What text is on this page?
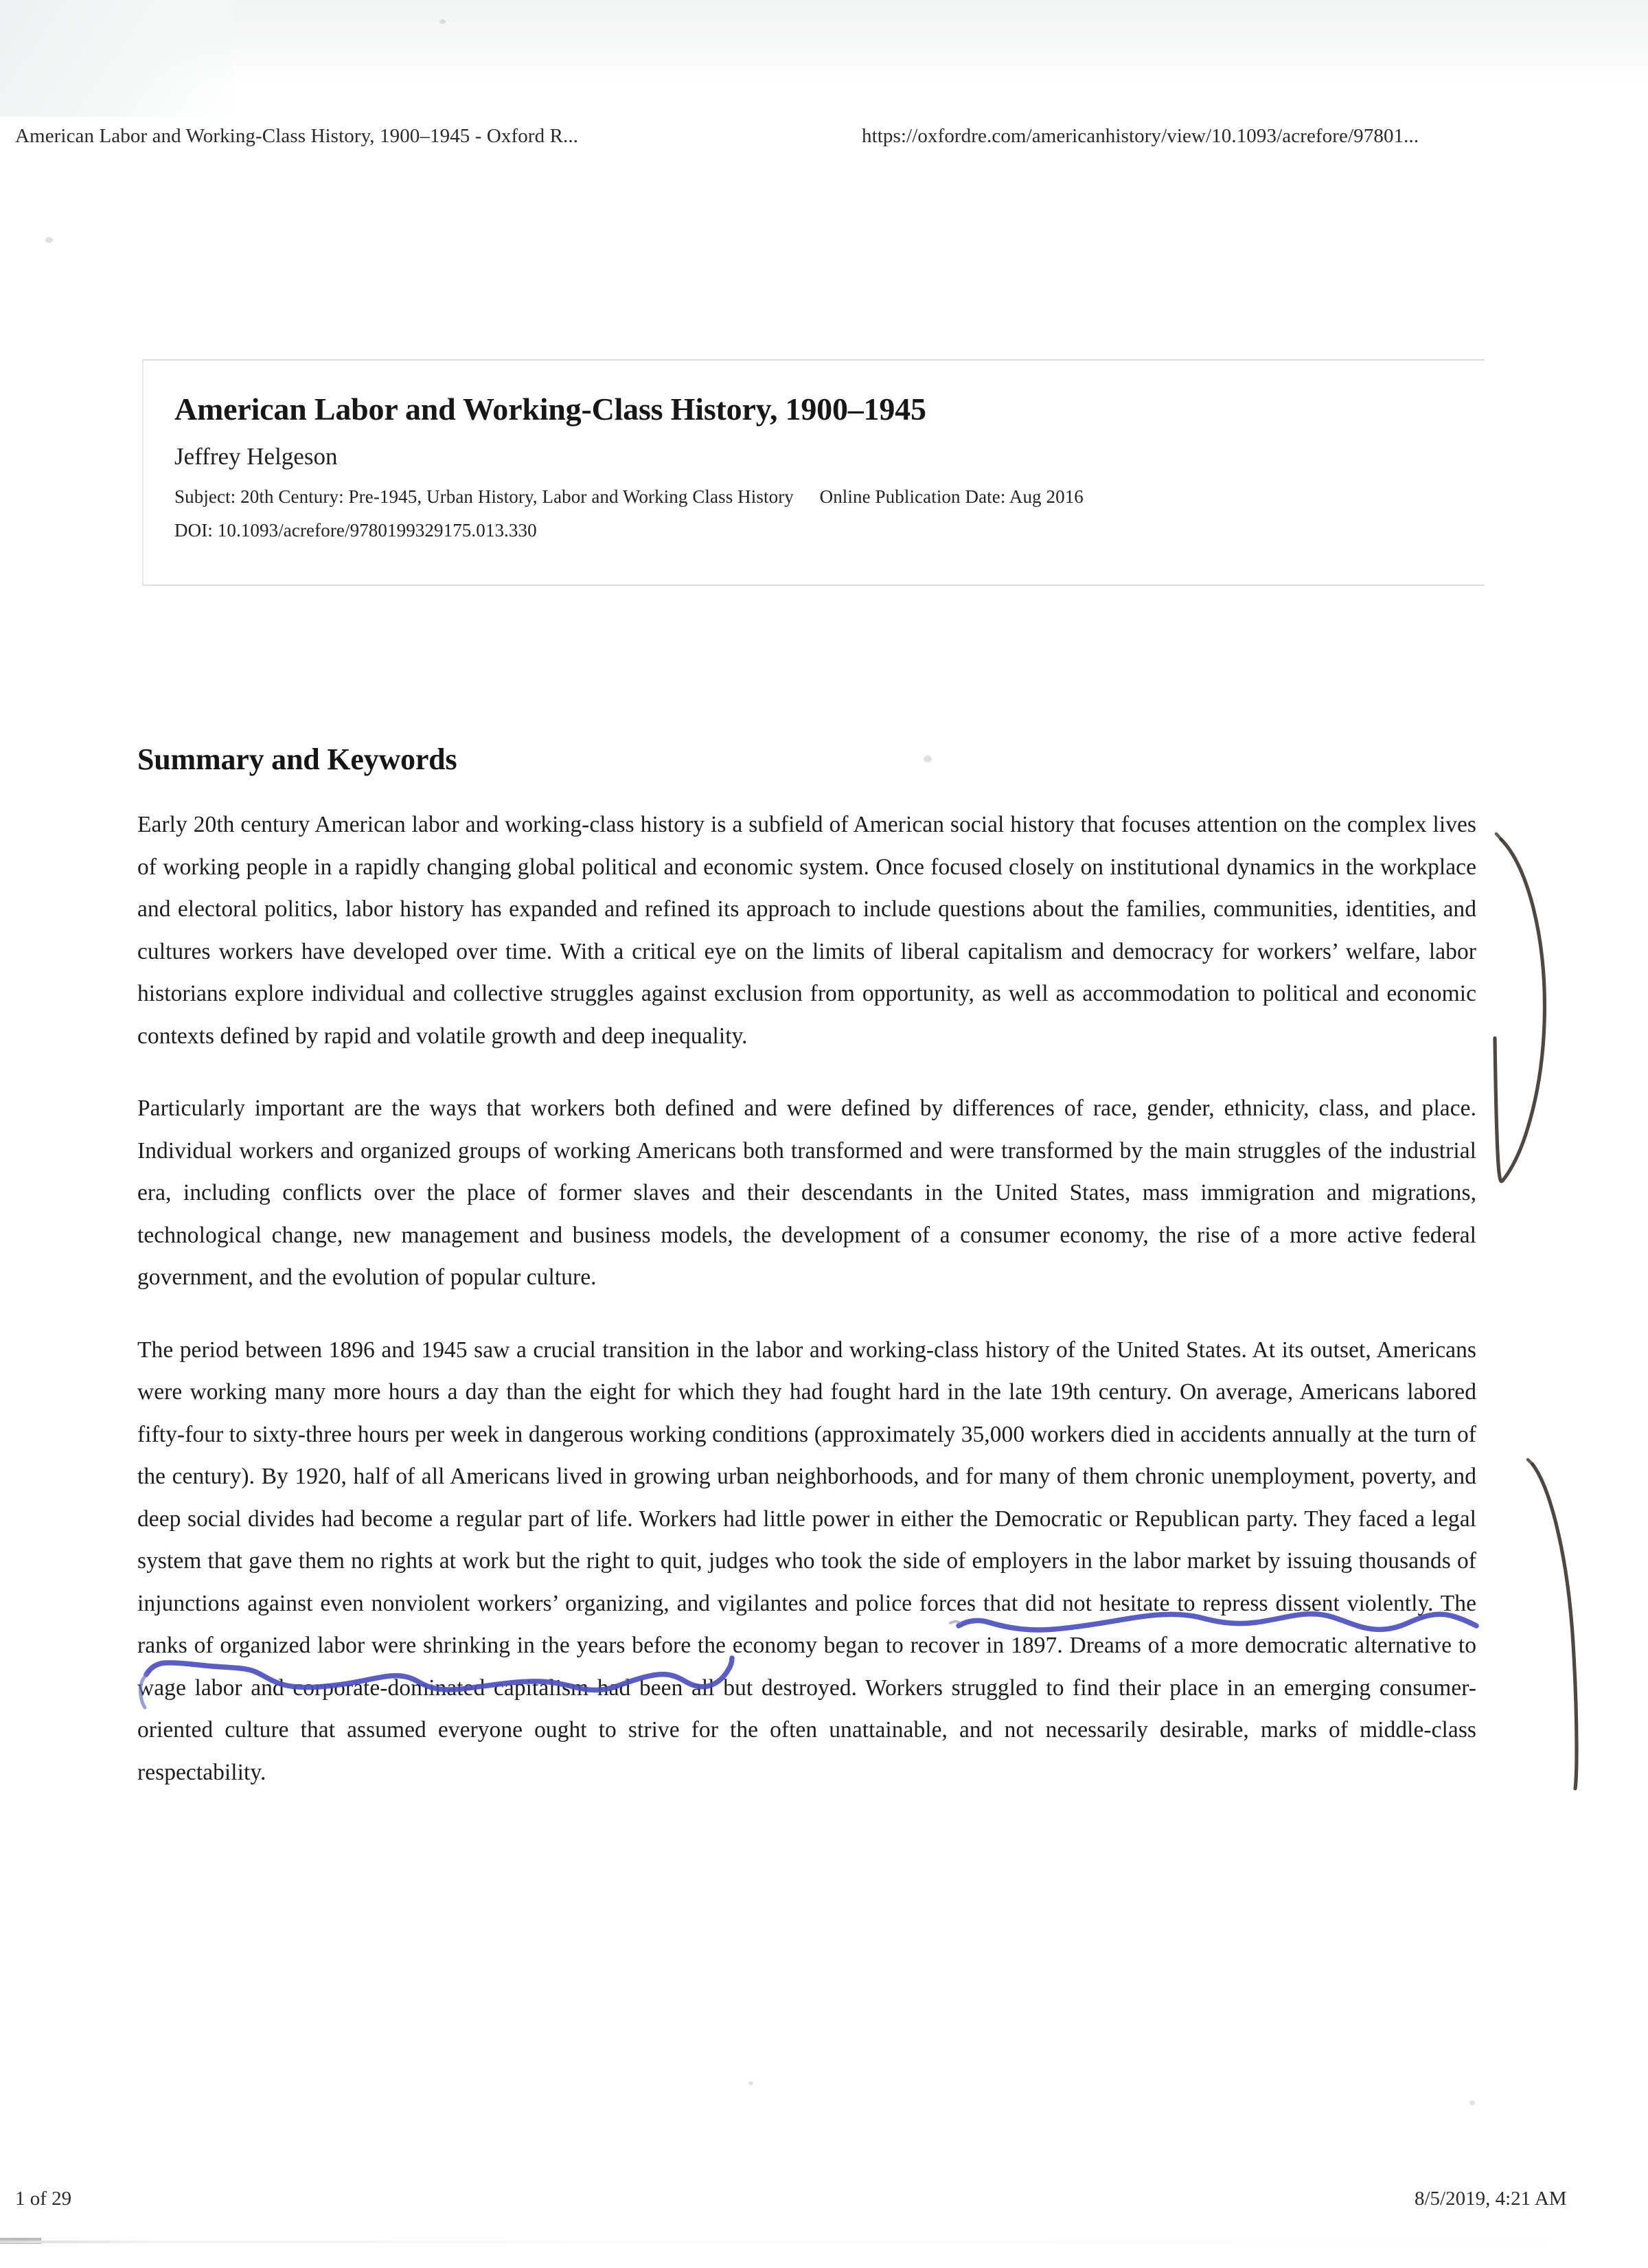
American Labor and Working-Class History, 1900–1945 - Oxford R...	https://oxfordre.com/americanhistory/view/10.1093/acrefore/97801...
American Labor and Working-Class History, 1900–1945
Jeffrey Helgeson
Subject: 20th Century: Pre-1945, Urban History, Labor and Working Class History Online Publication Date: Aug 2016
DOI: 10.1093/acrefore/9780199329175.013.330
Summary and Keywords

Early 20th century American labor and working-class history is a subfield of American social history that focuses attention on the complex lives of working people in a rapidly changing global political and economic system. Once focused closely on institutional dynamics in the workplace and electoral politics, labor history has expanded and refined its approach to include questions about the families, communities, identities, and cultures workers have developed over time. With a critical eye on the limits of liberal capitalism and democracy for workers’ welfare, labor historians explore individual and collective struggles against exclusion from opportunity, as well as accommodation to political and economic contexts defined by rapid and volatile growth and deep inequality.

Particularly important are the ways that workers both defined and were defined by differences of race, gender, ethnicity, class, and place. Individual workers and organized groups of working Americans both transformed and were transformed by the main struggles of the industrial era, including conflicts over the place of former slaves and their descendants in the United States, mass immigration and migrations, technological change, new management and business models, the development of a consumer economy, the rise of a more active federal government, and the evolution of popular culture.

The period between 1896 and 1945 saw a crucial transition in the labor and working-class history of the United States. At its outset, Americans were working many more hours a day than the eight for which they had fought hard in the late 19th century. On average, Americans labored fifty-four to sixty-three hours per week in dangerous working conditions (approximately 35,000 workers died in accidents annually at the turn of the century). By 1920, half of all Americans lived in growing urban neighborhoods, and for many of them chronic unemployment, poverty, and deep social divides had become a regular part of life. Workers had little power in either the Democratic or Republican party. They faced a legal system that gave them no rights at work but the right to quit, judges who took the side of employers in the labor market by issuing thousands of injunctions against even nonviolent workers’ organizing, and vigilantes and police forces that did not hesitate to repress dissent violently. The ranks of organized labor were shrinking in the years before the economy began to recover in 1897. Dreams of a more democratic alternative to wage labor and corporate-dominated capitalism had been all but destroyed. Workers struggled to find their place in an emerging consumer-oriented culture that assumed everyone ought to strive for the often unattainable, and not necessarily desirable, marks of middle-class respectability.

1 of 29	8/5/2019, 4:21 AM
